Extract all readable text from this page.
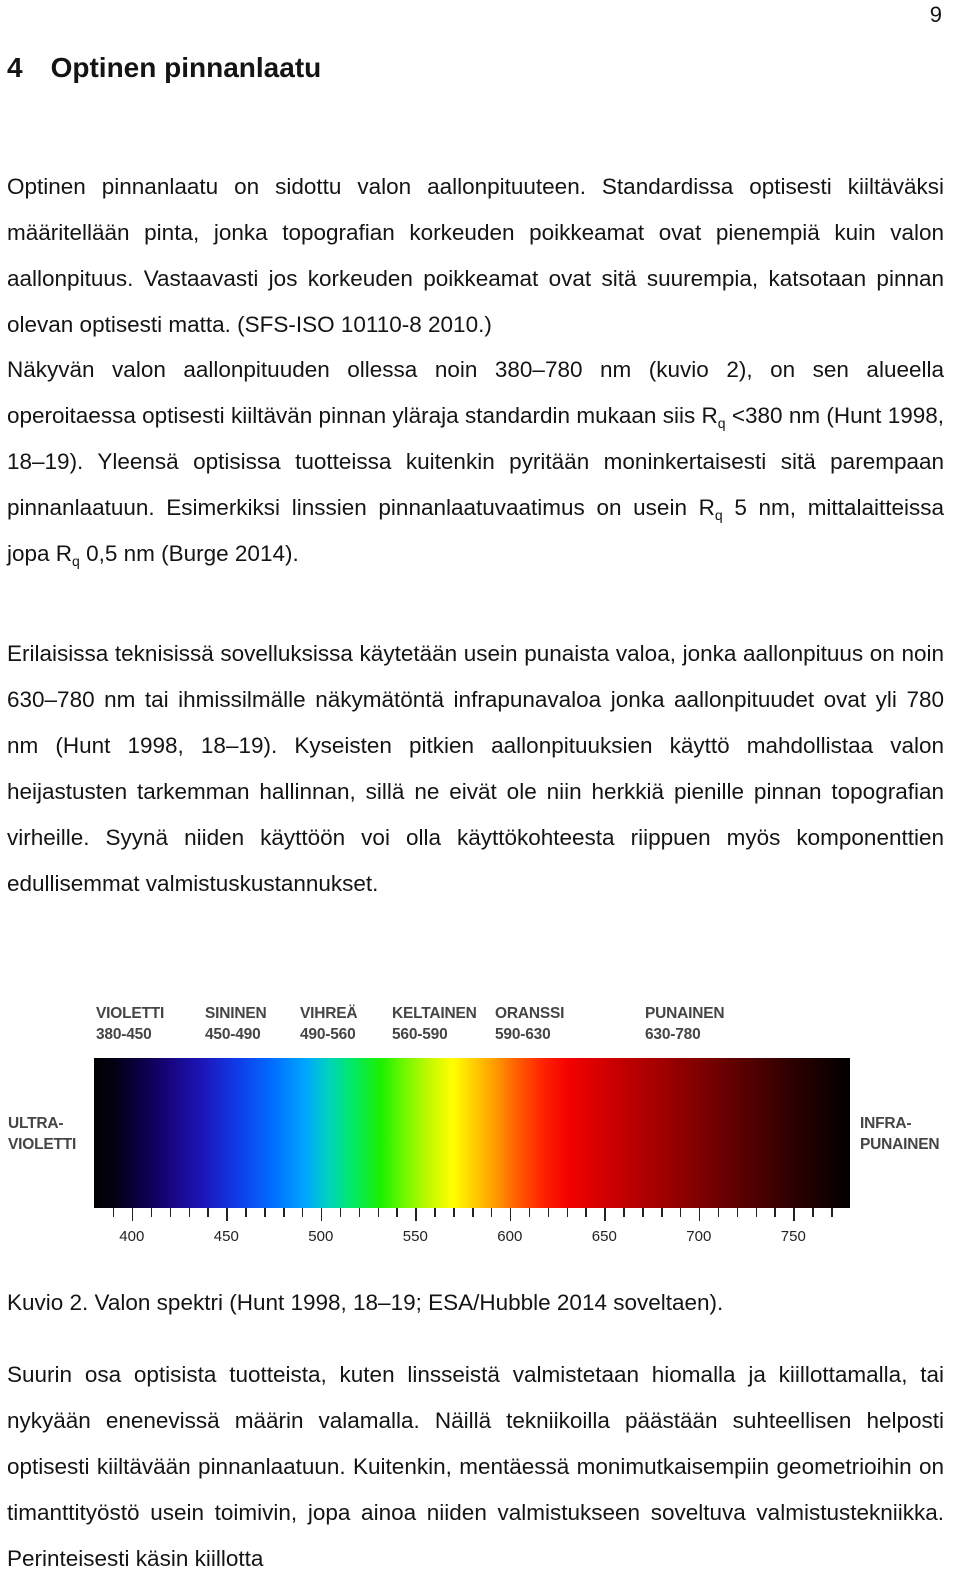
9
4 Optinen pinnanlaatu

Optinen pinnanlaatu on sidottu valon aallonpituuteen. Standardissa optisesti kiiltäväksi määritellään pinta, jonka topografian korkeuden poikkeamat ovat pienempiä kuin valon aallonpituus. Vastaavasti jos korkeuden poikkeamat ovat sitä suurempia, katsotaan pinnan olevan optisesti matta. (SFS-ISO 10110-8 2010.)

Näkyvän valon aallonpituuden ollessa noin 380–780 nm (kuvio 2), on sen alueella operoitaessa optisesti kiiltävän pinnan yläraja standardin mukaan siis $R_q <380$ nm (Hunt 1998, 18–19). Yleensä optisissa tuotteissa kuitenkin pyritään moninkertaisesti sitä parempaan pinnanlaatuun. Esimerkiksi linssien pinnanlaatuvaatimus on usein $R_q$ 5 nm, mittalaitteissa jopa $R_q$ 0,5 nm (Burge 2014).

Erilaisissa teknisissä sovelluksissa käytetään usein punaista valoa, jonka aallonpituus on noin 630–780 nm tai ihmissilmälle näkymätöntä infrapunavaloa jonka aallonpituudet ovat yli 780 nm (Hunt 1998, 18–19). Kyseisten pitkien aallonpituuksien käyttö mahdollistaa valon heijastusten tarkemman hallinnan, sillä ne eivät ole niin herkkiä pienille pinnan topografian virheille. Syynä niiden käyttöön voi olla käyttökohteesta riippuen myös komponenttien edullisemmat valmistuskustannukset.

VIOLETTI
380-450
SININEN
450-490
VIHREÄ
490-560
KELTAINEN
560-590
ORANSSI
590-630
PUNAINEN
630-780
ULTRA-
VIOLETTI
INFRA-
PUNAINEN
400	450	500	550	600	650	700	750
Kuvio 2. Valon spektri (Hunt 1998, 18–19; ESA/Hubble 2014 soveltaen).

Suurin osa optisista tuotteista, kuten linsseistä valmistetaan hiomalla ja kiillottamalla, tai nykyään enenevissä määrin valamalla. Näillä tekniikoilla päästään suhteellisen helposti optisesti kiiltävään pinnanlaatuun. Kuitenkin, mentäessä monimutkaisempiin geometrioihin on timanttityöstö usein toimivin, jopa ainoa niiden valmistukseen soveltuva valmistustekniikka. Perinteisesti käsin kiillotta
